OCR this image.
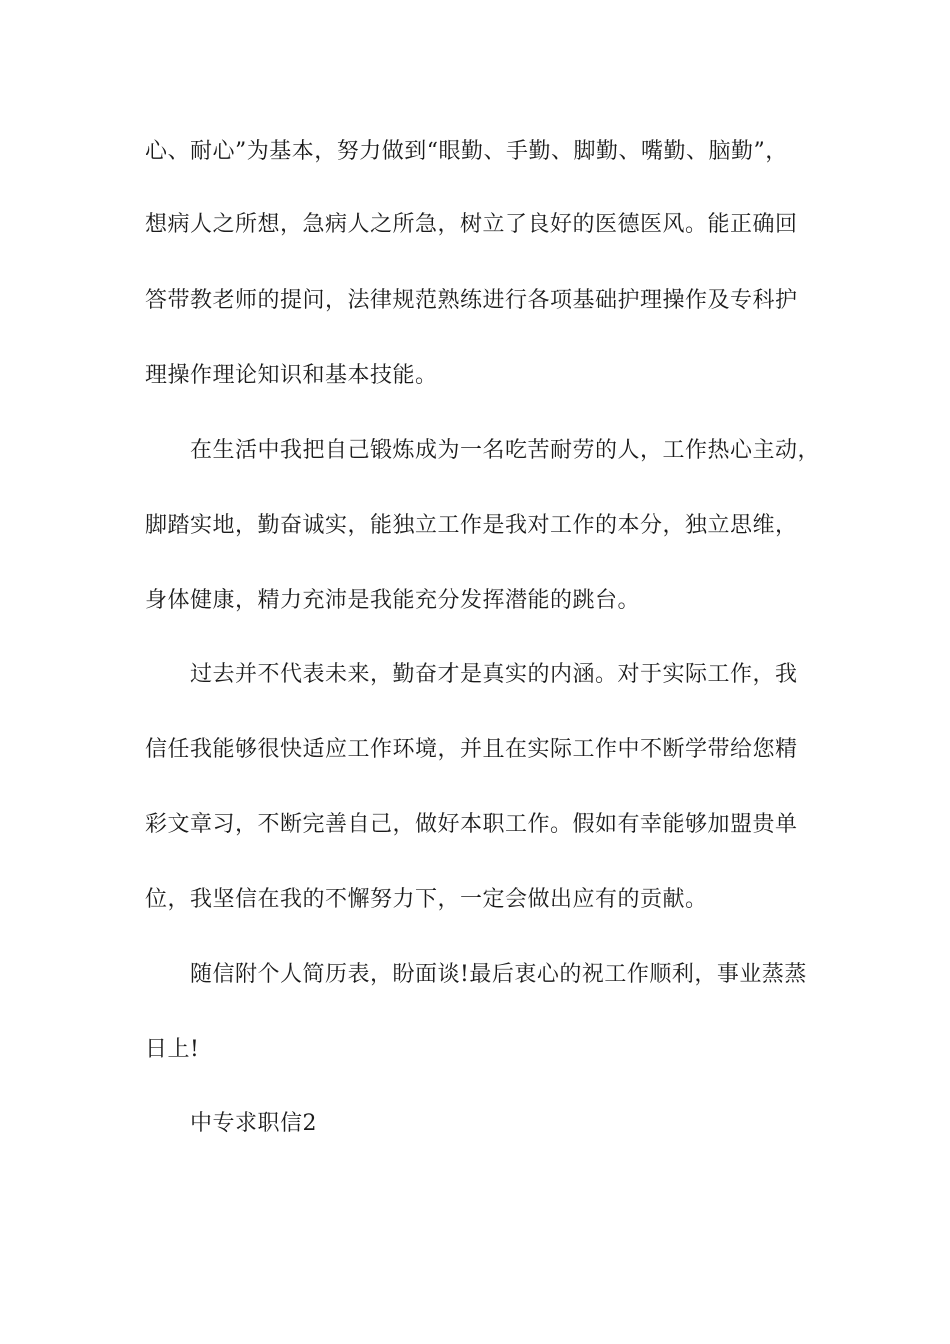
心、耐心”为基本，努力做到“眼勤、手勤、脚勤、嘴勤、脑勤”，
想病人之所想，急病人之所急，树立了良好的医德医风。能正确回
答带教老师的提问，法律规范熟练进行各项基础护理操作及专科护
理操作理论知识和基本技能。
在生活中我把自己锻炼成为一名吃苦耐劳的人，工作热心主动，
脚踏实地，勤奋诚实，能独立工作是我对工作的本分，独立思维，
身体健康，精力充沛是我能充分发挥潜能的跳台。
过去并不代表未来，勤奋才是真实的内涵。对于实际工作，我
信任我能够很快适应工作环境，并且在实际工作中不断学带给您精
彩文章习，不断完善自己，做好本职工作。假如有幸能够加盟贵单
位，我坚信在我的不懈努力下，一定会做出应有的贡献。
随信附个人简历表，盼面谈!最后衷心的祝工作顺利，事业蒸蒸
日上!
中专求职信2
